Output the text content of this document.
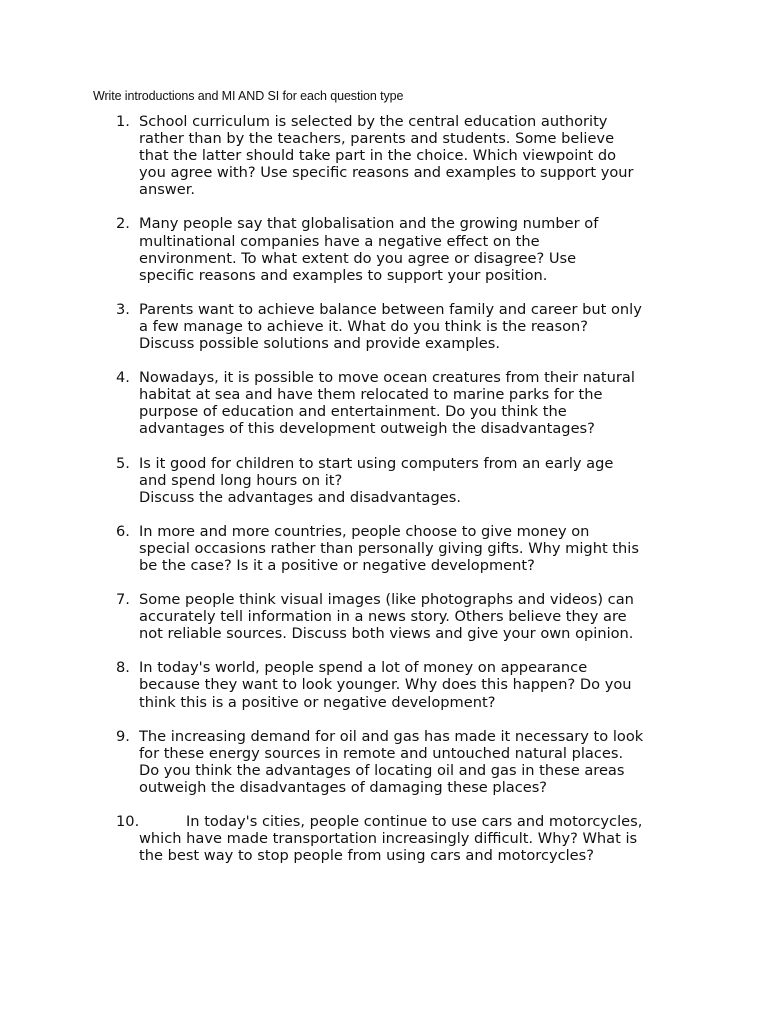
Write introductions and MI AND SI for each question type
1. School curriculum is selected by the central education authority
rather than by the teachers, parents and students. Some believe
that the latter should take part in the choice. Which viewpoint do
you agree with? Use specific reasons and examples to support your
answer.
2. Many people say that globalisation and the growing number of
multinational companies have a negative effect on the
environment. To what extent do you agree or disagree? Use
specific reasons and examples to support your position.
3. Parents want to achieve balance between family and career but only
a few manage to achieve it. What do you think is the reason?
Discuss possible solutions and provide examples.
4. Nowadays, it is possible to move ocean creatures from their natural
habitat at sea and have them relocated to marine parks for the
purpose of education and entertainment. Do you think the
advantages of this development outweigh the disadvantages?
5. Is it good for children to start using computers from an early age
and spend long hours on it?
Discuss the advantages and disadvantages.
6. In more and more countries, people choose to give money on
special occasions rather than personally giving gifts. Why might this
be the case? Is it a positive or negative development?
7. Some people think visual images (like photographs and videos) can
accurately tell information in a news story. Others believe they are
not reliable sources. Discuss both views and give your own opinion.
8. In today's world, people spend a lot of money on appearance
because they want to look younger. Why does this happen? Do you
think this is a positive or negative development?
9. The increasing demand for oil and gas has made it necessary to look
for these energy sources in remote and untouched natural places.
Do you think the advantages of locating oil and gas in these areas
outweigh the disadvantages of damaging these places?
10.	In today's cities, people continue to use cars and motorcycles,
which have made transportation increasingly difficult. Why? What is
the best way to stop people from using cars and motorcycles?
